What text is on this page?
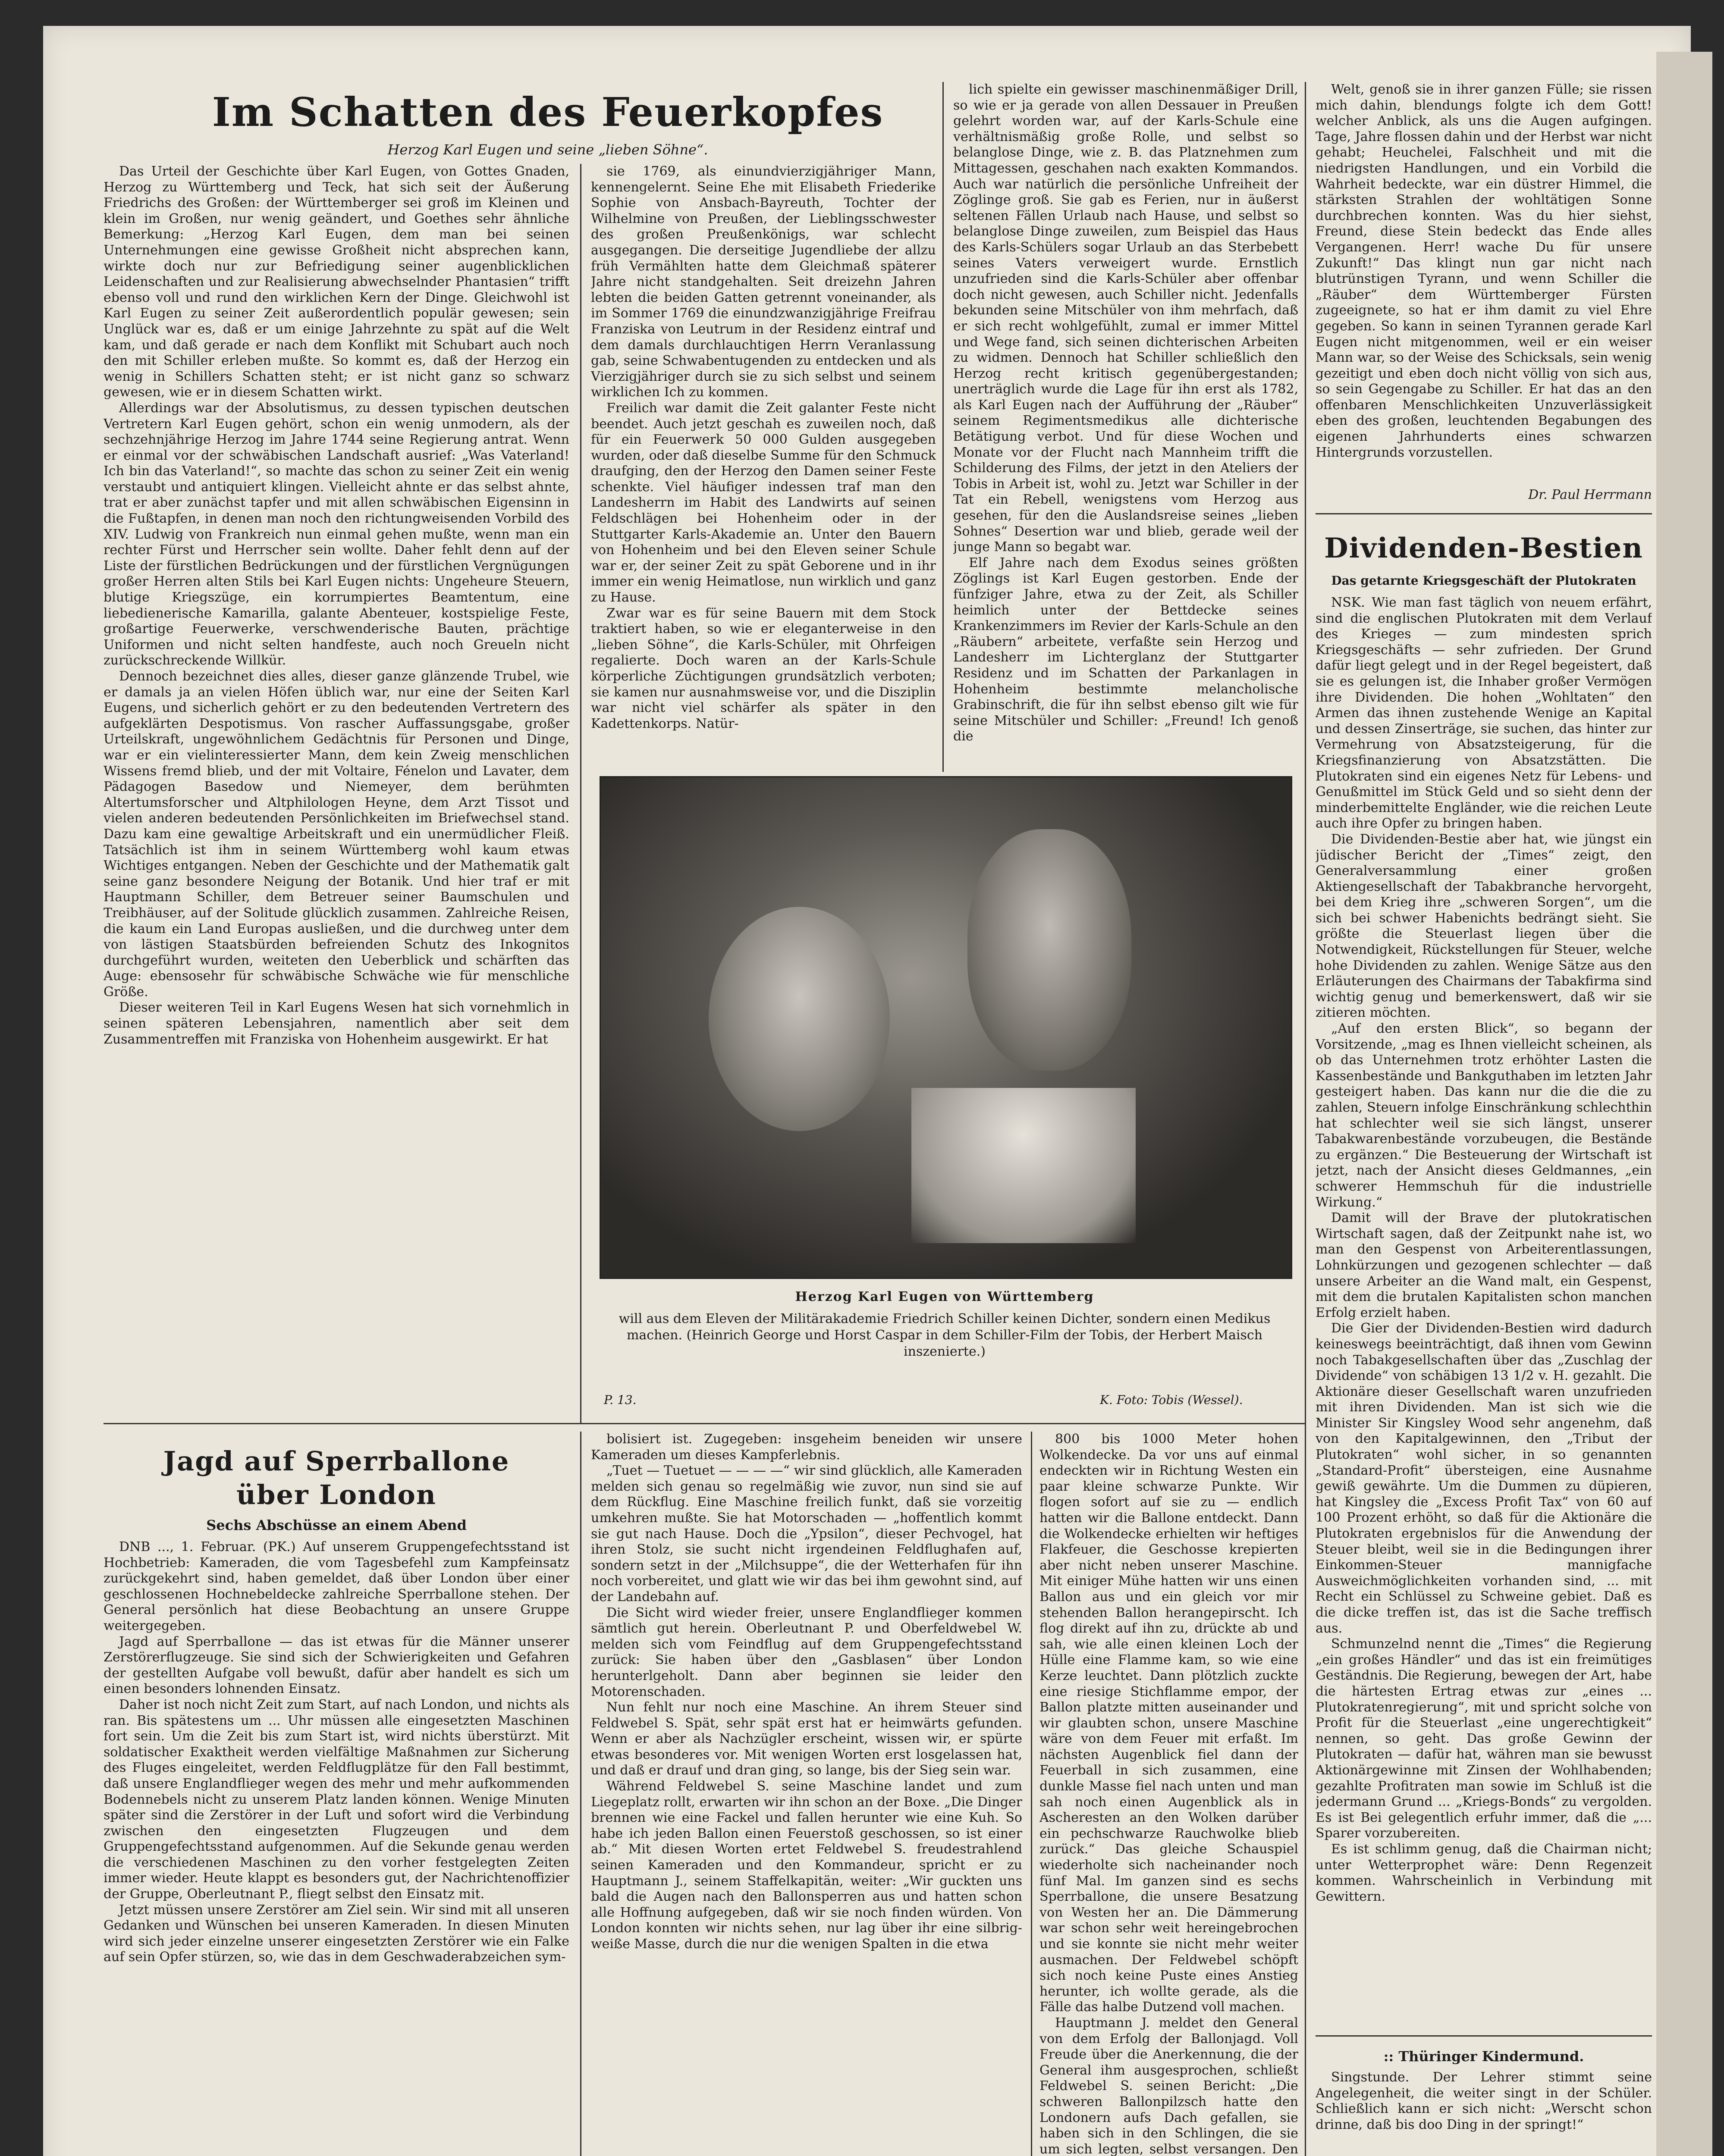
Im Schatten des Feuerkopfes
Herzog Karl Eugen und seine „lieben Söhne“.

Das Urteil der Geschichte über Karl Eugen, von Gottes Gnaden, Herzog zu Württemberg und Teck, hat sich seit der Äußerung Friedrichs des Großen: der Württemberger sei groß im Kleinen und klein im Großen, nur wenig geändert, und Goethes sehr ähnliche Bemerkung: „Herzog Karl Eugen, dem man bei seinen Unternehmungen eine gewisse Großheit nicht absprechen kann, wirkte doch nur zur Befriedigung seiner augenblicklichen Leidenschaften und zur Realisierung abwechselnder Phantasien“ trifft ebenso voll und rund den wirklichen Kern der Dinge. Gleichwohl ist Karl Eugen zu seiner Zeit außerordentlich populär gewesen; sein Unglück war es, daß er um einige Jahrzehnte zu spät auf die Welt kam, und daß gerade er nach dem Konflikt mit Schubart auch noch den mit Schiller erleben mußte. So kommt es, daß der Herzog ein wenig in Schillers Schatten steht; er ist nicht ganz so schwarz gewesen, wie er in diesem Schatten wirkt.

Allerdings war der Absolutismus, zu dessen typischen deutschen Vertretern Karl Eugen gehört, schon ein wenig unmodern, als der sechzehnjährige Herzog im Jahre 1744 seine Regierung antrat. Wenn er einmal vor der schwäbischen Landschaft ausrief: „Was Vaterland! Ich bin das Vaterland!“, so machte das schon zu seiner Zeit ein wenig verstaubt und antiquiert klingen. Vielleicht ahnte er das selbst ahnte, trat er aber zunächst tapfer und mit allen schwäbischen Eigensinn in die Fußtapfen, in denen man noch den richtungweisenden Vorbild des XIV. Ludwig von Frankreich nun einmal gehen mußte, wenn man ein rechter Fürst und Herrscher sein wollte. Daher fehlt denn auf der Liste der fürstlichen Bedrückungen und der fürstlichen Vergnügungen großer Herren alten Stils bei Karl Eugen nichts: Ungeheure Steuern, blutige Kriegszüge, ein korrumpiertes Beamtentum, eine liebedienerische Kamarilla, galante Abenteuer, kostspielige Feste, großartige Feuerwerke, verschwenderische Bauten, prächtige Uniformen und nicht selten handfeste, auch noch Greueln nicht zurückschreckende Willkür.

Dennoch bezeichnet dies alles, dieser ganze glänzende Trubel, wie er damals ja an vielen Höfen üblich war, nur eine der Seiten Karl Eugens, und sicherlich gehört er zu den bedeutenden Vertretern des aufgeklärten Despotismus. Von rascher Auffassungsgabe, großer Urteilskraft, ungewöhnlichem Gedächtnis für Personen und Dinge, war er ein vielinteressierter Mann, dem kein Zweig menschlichen Wissens fremd blieb, und der mit Voltaire, Fénelon und Lavater, dem Pädagogen Basedow und Niemeyer, dem berühmten Altertumsforscher und Altphilologen Heyne, dem Arzt Tissot und vielen anderen bedeutenden Persönlichkeiten im Briefwechsel stand. Dazu kam eine gewaltige Arbeitskraft und ein unermüdlicher Fleiß. Tatsächlich ist ihm in seinem Württemberg wohl kaum etwas Wichtiges entgangen. Neben der Geschichte und der Mathematik galt seine ganz besondere Neigung der Botanik. Und hier traf er mit Hauptmann Schiller, dem Betreuer seiner Baumschulen und Treibhäuser, auf der Solitude glücklich zusammen. Zahlreiche Reisen, die kaum ein Land Europas ausließen, und die durchweg unter dem von lästigen Staatsbürden befreienden Schutz des Inkognitos durchgeführt wurden, weiteten den Ueberblick und schärften das Auge: ebensosehr für schwäbische Schwäche wie für menschliche Größe.

Dieser weiteren Teil in Karl Eugens Wesen hat sich vornehmlich in seinen späteren Lebensjahren, namentlich aber seit dem Zusammentreffen mit Franziska von Hohenheim ausgewirkt. Er hat

sie 1769, als einundvierzigjähriger Mann, kennengelernt. Seine Ehe mit Elisabeth Friederike Sophie von Ansbach-Bayreuth, Tochter der Wilhelmine von Preußen, der Lieblingsschwester des großen Preußenkönigs, war schlecht ausgegangen. Die derseitige Jugendliebe der allzu früh Vermählten hatte dem Gleichmaß späterer Jahre nicht standgehalten. Seit dreizehn Jahren lebten die beiden Gatten getrennt voneinander, als im Sommer 1769 die einundzwanzigjährige Freifrau Franziska von Leutrum in der Residenz eintraf und dem damals durchlauchtigen Herrn Veranlassung gab, seine Schwabentugenden zu entdecken und als Vierzigjähriger durch sie zu sich selbst und seinem wirklichen Ich zu kommen.

Freilich war damit die Zeit galanter Feste nicht beendet. Auch jetzt geschah es zuweilen noch, daß für ein Feuerwerk 50 000 Gulden ausgegeben wurden, oder daß dieselbe Summe für den Schmuck draufging, den der Herzog den Damen seiner Feste schenkte. Viel häufiger indessen traf man den Landesherrn im Habit des Landwirts auf seinen Feldschlägen bei Hohenheim oder in der Stuttgarter Karls-Akademie an. Unter den Bauern von Hohenheim und bei den Eleven seiner Schule war er, der seiner Zeit zu spät Geborene und in ihr immer ein wenig Heimatlose, nun wirklich und ganz zu Hause.

Zwar war es für seine Bauern mit dem Stock traktiert haben, so wie er eleganterweise in den „lieben Söhne“, die Karls-Schüler, mit Ohrfeigen regalierte. Doch waren an der Karls-Schule körperliche Züchtigungen grundsätzlich verboten; sie kamen nur ausnahmsweise vor, und die Disziplin war nicht viel schärfer als später in den Kadettenkorps. Natür-

lich spielte ein gewisser maschinenmäßiger Drill, so wie er ja gerade von allen Dessauer in Preußen gelehrt worden war, auf der Karls-Schule eine verhältnismäßig große Rolle, und selbst so belanglose Dinge, wie z. B. das Platznehmen zum Mittagessen, geschahen nach exakten Kommandos. Auch war natürlich die persönliche Unfreiheit der Zöglinge groß. Sie gab es Ferien, nur in äußerst seltenen Fällen Urlaub nach Hause, und selbst so belanglose Dinge zuweilen, zum Beispiel das Haus des Karls-Schülers sogar Urlaub an das Sterbebett seines Vaters verweigert wurde. Ernstlich unzufrieden sind die Karls-Schüler aber offenbar doch nicht gewesen, auch Schiller nicht. Jedenfalls bekunden seine Mitschüler von ihm mehrfach, daß er sich recht wohlgefühlt, zumal er immer Mittel und Wege fand, sich seinen dichterischen Arbeiten zu widmen. Dennoch hat Schiller schließlich den Herzog recht kritisch gegenübergestanden; unerträglich wurde die Lage für ihn erst als 1782, als Karl Eugen nach der Aufführung der „Räuber“ seinem Regimentsmedikus alle dichterische Betätigung verbot. Und für diese Wochen und Monate vor der Flucht nach Mannheim trifft die Schilderung des Films, der jetzt in den Ateliers der Tobis in Arbeit ist, wohl zu. Jetzt war Schiller in der Tat ein Rebell, wenigstens vom Herzog aus gesehen, für den die Auslandsreise seines „lieben Sohnes“ Desertion war und blieb, gerade weil der junge Mann so begabt war.

Elf Jahre nach dem Exodus seines größten Zöglings ist Karl Eugen gestorben. Ende der fünfziger Jahre, etwa zu der Zeit, als Schiller heimlich unter der Bettdecke seines Krankenzimmers im Revier der Karls-Schule an den „Räubern“ arbeitete, verfaßte sein Herzog und Landesherr im Lichterglanz der Stuttgarter Residenz und im Schatten der Parkanlagen in Hohenheim bestimmte melancholische Grabinschrift, die für ihn selbst ebenso gilt wie für seine Mitschüler und Schiller: „Freund! Ich genoß die

Welt, genoß sie in ihrer ganzen Fülle; sie rissen mich dahin, blendungs folgte ich dem Gott! welcher Anblick, als uns die Augen aufgingen. Tage, Jahre flossen dahin und der Herbst war nicht gehabt; Heuchelei, Falschheit und mit die niedrigsten Handlungen, und ein Vorbild die Wahrheit bedeckte, war ein düstrer Himmel, die stärksten Strahlen der wohltätigen Sonne durchbrechen konnten. Was du hier siehst, Freund, diese Stein bedeckt das Ende alles Vergangenen. Herr! wache Du für unsere Zukunft!“ Das klingt nun gar nicht nach blutrünstigen Tyrann, und wenn Schiller die „Räuber“ dem Württemberger Fürsten zugeeignete, so hat er ihm damit zu viel Ehre gegeben. So kann in seinen Tyrannen gerade Karl Eugen nicht mitgenommen, weil er ein weiser Mann war, so der Weise des Schicksals, sein wenig gezeitigt und eben doch nicht völlig von sich aus, so sein Gegengabe zu Schiller. Er hat das an den offenbaren Menschlichkeiten Unzuverlässigkeit eben des großen, leuchtenden Begabungen des eigenen Jahrhunderts eines schwarzen Hintergrunds vorzustellen.

Dr. Paul Herrmann
Herzog Karl Eugen von Württemberg
will aus dem Eleven der Militärakademie Friedrich Schiller keinen Dichter, sondern einen Medikus machen. (Heinrich George und Horst Caspar in dem Schiller-Film der Tobis, der Herbert Maisch inszenierte.)
P. 13.	K. Foto: Tobis (Wessel).
Jagd auf Sperrballone
über London
Sechs Abschüsse an einem Abend

DNB ..., 1. Februar. (PK.) Auf unserem Gruppengefechtsstand ist Hochbetrieb: Kameraden, die vom Tagesbefehl zum Kampfeinsatz zurückgekehrt sind, haben gemeldet, daß über London über einer geschlossenen Hochnebeldecke zahlreiche Sperrballone stehen. Der General persönlich hat diese Beobachtung an unsere Gruppe weitergegeben.

Jagd auf Sperrballone — das ist etwas für die Männer unserer Zerstörerflugzeuge. Sie sind sich der Schwierigkeiten und Gefahren der gestellten Aufgabe voll bewußt, dafür aber handelt es sich um einen besonders lohnenden Einsatz.

Daher ist noch nicht Zeit zum Start, auf nach London, und nichts als ran. Bis spätestens um ... Uhr müssen alle eingesetzten Maschinen fort sein. Um die Zeit bis zum Start ist, wird nichts überstürzt. Mit soldatischer Exaktheit werden vielfältige Maßnahmen zur Sicherung des Fluges eingeleitet, werden Feldflugplätze für den Fall bestimmt, daß unsere Englandflieger wegen des mehr und mehr aufkommenden Bodennebels nicht zu unserem Platz landen können. Wenige Minuten später sind die Zerstörer in der Luft und sofort wird die Verbindung zwischen den eingesetzten Flugzeugen und dem Gruppengefechtsstand aufgenommen. Auf die Sekunde genau werden die verschiedenen Maschinen zu den vorher festgelegten Zeiten immer wieder. Heute klappt es besonders gut, der Nachrichtenoffizier der Gruppe, Oberleutnant P., fliegt selbst den Einsatz mit.

Jetzt müssen unsere Zerstörer am Ziel sein. Wir sind mit all unseren Gedanken und Wünschen bei unseren Kameraden. In diesen Minuten wird sich jeder einzelne unserer eingesetzten Zerstörer wie ein Falke auf sein Opfer stürzen, so, wie das in dem Geschwaderabzeichen sym-

bolisiert ist. Zugegeben: insgeheim beneiden wir unsere Kameraden um dieses Kampferlebnis.

„Tuet — Tuetuet — — — —“ wir sind glücklich, alle Kameraden melden sich genau so regelmäßig wie zuvor, nun sind sie auf dem Rückflug. Eine Maschine freilich funkt, daß sie vorzeitig umkehren mußte. Sie hat Motorschaden — „hoffentlich kommt sie gut nach Hause. Doch die „Ypsilon“, dieser Pechvogel, hat ihren Stolz, sie sucht nicht irgendeinen Feldflughafen auf, sondern setzt in der „Milchsuppe“, die der Wetterhafen für ihn noch vorbereitet, und glatt wie wir das bei ihm gewohnt sind, auf der Landebahn auf.

Die Sicht wird wieder freier, unsere Englandflieger kommen sämtlich gut herein. Oberleutnant P. und Oberfeldwebel W. melden sich vom Feindflug auf dem Gruppengefechtsstand zurück: Sie haben über den „Gasblasen“ über London herunterlgeholt. Dann aber beginnen sie leider den Motorenschaden.

Nun fehlt nur noch eine Maschine. An ihrem Steuer sind Feldwebel S. Spät, sehr spät erst hat er heimwärts gefunden. Wenn er aber als Nachzügler erscheint, wissen wir, er spürte etwas besonderes vor. Mit wenigen Worten erst losgelassen hat, und daß er drauf und dran ging, so lange, bis der Sieg sein war.

Während Feldwebel S. seine Maschine landet und zum Liegeplatz rollt, erwarten wir ihn schon an der Boxe. „Die Dinger brennen wie eine Fackel und fallen herunter wie eine Kuh. So habe ich jeden Ballon einen Feuerstoß geschossen, so ist einer ab.“ Mit diesen Worten ertet Feldwebel S. freudestrahlend seinen Kameraden und den Kommandeur, spricht er zu Hauptmann J., seinem Staffelkapitän, weiter: „Wir guckten uns bald die Augen nach den Ballonsperren aus und hatten schon alle Hoffnung aufgegeben, daß wir sie noch finden würden. Von London konnten wir nichts sehen, nur lag über ihr eine silbrig-weiße Masse, durch die nur die wenigen Spalten in die etwa

800 bis 1000 Meter hohen Wolkendecke. Da vor uns auf einmal endeckten wir in Richtung Westen ein paar kleine schwarze Punkte. Wir flogen sofort auf sie zu — endlich hatten wir die Ballone entdeckt. Dann die Wolkendecke erhielten wir heftiges Flakfeuer, die Geschosse krepierten aber nicht neben unserer Maschine. Mit einiger Mühe hatten wir uns einen Ballon aus und ein gleich vor mir stehenden Ballon herangepirscht. Ich flog direkt auf ihn zu, drückte ab und sah, wie alle einen kleinen Loch der Hülle eine Flamme kam, so wie eine Kerze leuchtet. Dann plötzlich zuckte eine riesige Stichflamme empor, der Ballon platzte mitten auseinander und wir glaubten schon, unsere Maschine wäre von dem Feuer mit erfaßt. Im nächsten Augenblick fiel dann der Feuerball in sich zusammen, eine dunkle Masse fiel nach unten und man sah noch einen Augenblick als in Ascheresten an den Wolken darüber ein pechschwarze Rauchwolke blieb zurück.“ Das gleiche Schauspiel wiederholte sich nacheinander noch fünf Mal. Im ganzen sind es sechs Sperrballone, die unsere Besatzung von Westen her an. Die Dämmerung war schon sehr weit hereingebrochen und sie konnte sie nicht mehr weiter ausmachen. Der Feldwebel schöpft sich noch keine Puste eines Anstieg herunter, ich wollte gerade, als die Fälle das halbe Dutzend voll machen.

Hauptmann J. meldet den General von dem Erfolg der Ballonjagd. Voll Freude über die Anerkennung, die der General ihm ausgesprochen, schließt Feldwebel S. seinen Bericht: „Die schweren Ballonpilzsch hatte den Londonern aufs Dach gefallen, sie haben sich in den Schlingen, die sie um sich legten, selbst versangen. Den

Dividenden-Bestien
Das getarnte Kriegsgeschäft der Plutokraten

NSK. Wie man fast täglich von neuem erfährt, sind die englischen Plutokraten mit dem Verlauf des Krieges — zum mindesten sprich Kriegsgeschäfts — sehr zufrieden. Der Grund dafür liegt gelegt und in der Regel begeistert, daß sie es gelungen ist, die Inhaber großer Vermögen ihre Dividenden. Die hohen „Wohltaten“ den Armen das ihnen zustehende Wenige an Kapital und dessen Zinserträge, sie suchen, das hinter zur Vermehrung von Absatzsteigerung, für die Kriegsfinanzierung von Absatzstätten. Die Plutokraten sind ein eigenes Netz für Lebens- und Genußmittel im Stück Geld und so sieht denn der minderbemittelte Engländer, wie die reichen Leute auch ihre Opfer zu bringen haben.

Die Dividenden-Bestie aber hat, wie jüngst ein jüdischer Bericht der „Times“ zeigt, den Generalversammlung einer großen Aktiengesellschaft der Tabakbranche hervorgeht, bei dem Krieg ihre „schweren Sorgen“, um die sich bei schwer Habenichts bedrängt sieht. Sie größte die Steuerlast liegen über die Notwendigkeit, Rückstellungen für Steuer, welche hohe Dividenden zu zahlen. Wenige Sätze aus den Erläuterungen des Chairmans der Tabakfirma sind wichtig genug und bemerkenswert, daß wir sie zitieren möchten.

„Auf den ersten Blick“, so begann der Vorsitzende, „mag es Ihnen vielleicht scheinen, als ob das Unternehmen trotz erhöhter Lasten die Kassenbestände und Bankguthaben im letzten Jahr gesteigert haben. Das kann nur die die die zu zahlen, Steuern infolge Einschränkung schlechthin hat schlechter weil sie sich längst, unserer Tabakwarenbestände vorzubeugen, die Bestände zu ergänzen.“ Die Besteuerung der Wirtschaft ist jetzt, nach der Ansicht dieses Geldmannes, „ein schwerer Hemmschuh für die industrielle Wirkung.“

Damit will der Brave der plutokratischen Wirtschaft sagen, daß der Zeitpunkt nahe ist, wo man den Gespenst von Arbeiterentlassungen, Lohnkürzungen und gezogenen schlechter — daß unsere Arbeiter an die Wand malt, ein Gespenst, mit dem die brutalen Kapitalisten schon manchen Erfolg erzielt haben.

Die Gier der Dividenden-Bestien wird dadurch keineswegs beeinträchtigt, daß ihnen vom Gewinn noch Tabakgesellschaften über das „Zuschlag der Dividende“ von schäbigen 13 1/2 v. H. gezahlt. Die Aktionäre dieser Gesellschaft waren unzufrieden mit ihren Dividenden. Man ist sich wie die Minister Sir Kingsley Wood sehr angenehm, daß von den Kapitalgewinnen, den „Tribut der Plutokraten“ wohl sicher, in so genannten „Standard-Profit“ übersteigen, eine Ausnahme gewiß gewährte. Um die Dummen zu düpieren, hat Kingsley die „Excess Profit Tax“ von 60 auf 100 Prozent erhöht, so daß für die Aktionäre die Plutokraten ergebnislos für die Anwendung der Steuer bleibt, weil sie in die Bedingungen ihrer Einkommen-Steuer mannigfache Ausweichmöglichkeiten vorhanden sind, ... mit Recht ein Schlüssel zu Schweine gebiet. Daß es die dicke treffen ist, das ist die Sache treffisch aus.

Schmunzelnd nennt die „Times“ die Regierung „ein großes Händler“ und das ist ein freimütiges Geständnis. Die Regierung, bewegen der Art, habe die härtesten Ertrag etwas zur „eines ... Plutokratenregierung“, mit und spricht solche von Profit für die Steuerlast „eine ungerechtigkeit“ nennen, so geht. Das große Gewinn der Plutokraten — dafür hat, währen man sie bewusst Aktionärgewinne mit Zinsen der Wohlhabenden; gezahlte Profitraten man sowie im Schluß ist die jedermann Grund ... „Kriegs-Bonds“ zu vergolden. Es ist Bei gelegentlich erfuhr immer, daß die „... Sparer vorzubereiten.

Es ist schlimm genug, daß die Chairman nicht; unter Wetterprophet wäre: Denn Regenzeit kommen. Wahrscheinlich in Verbindung mit Gewittern.

:: Thüringer Kindermund.

Singstunde. Der Lehrer stimmt seine Angelegenheit, die weiter singt in der Schüler. Schließlich kann er sich nicht: „Werscht schon drinne, daß bis doo Ding in der springt!“
